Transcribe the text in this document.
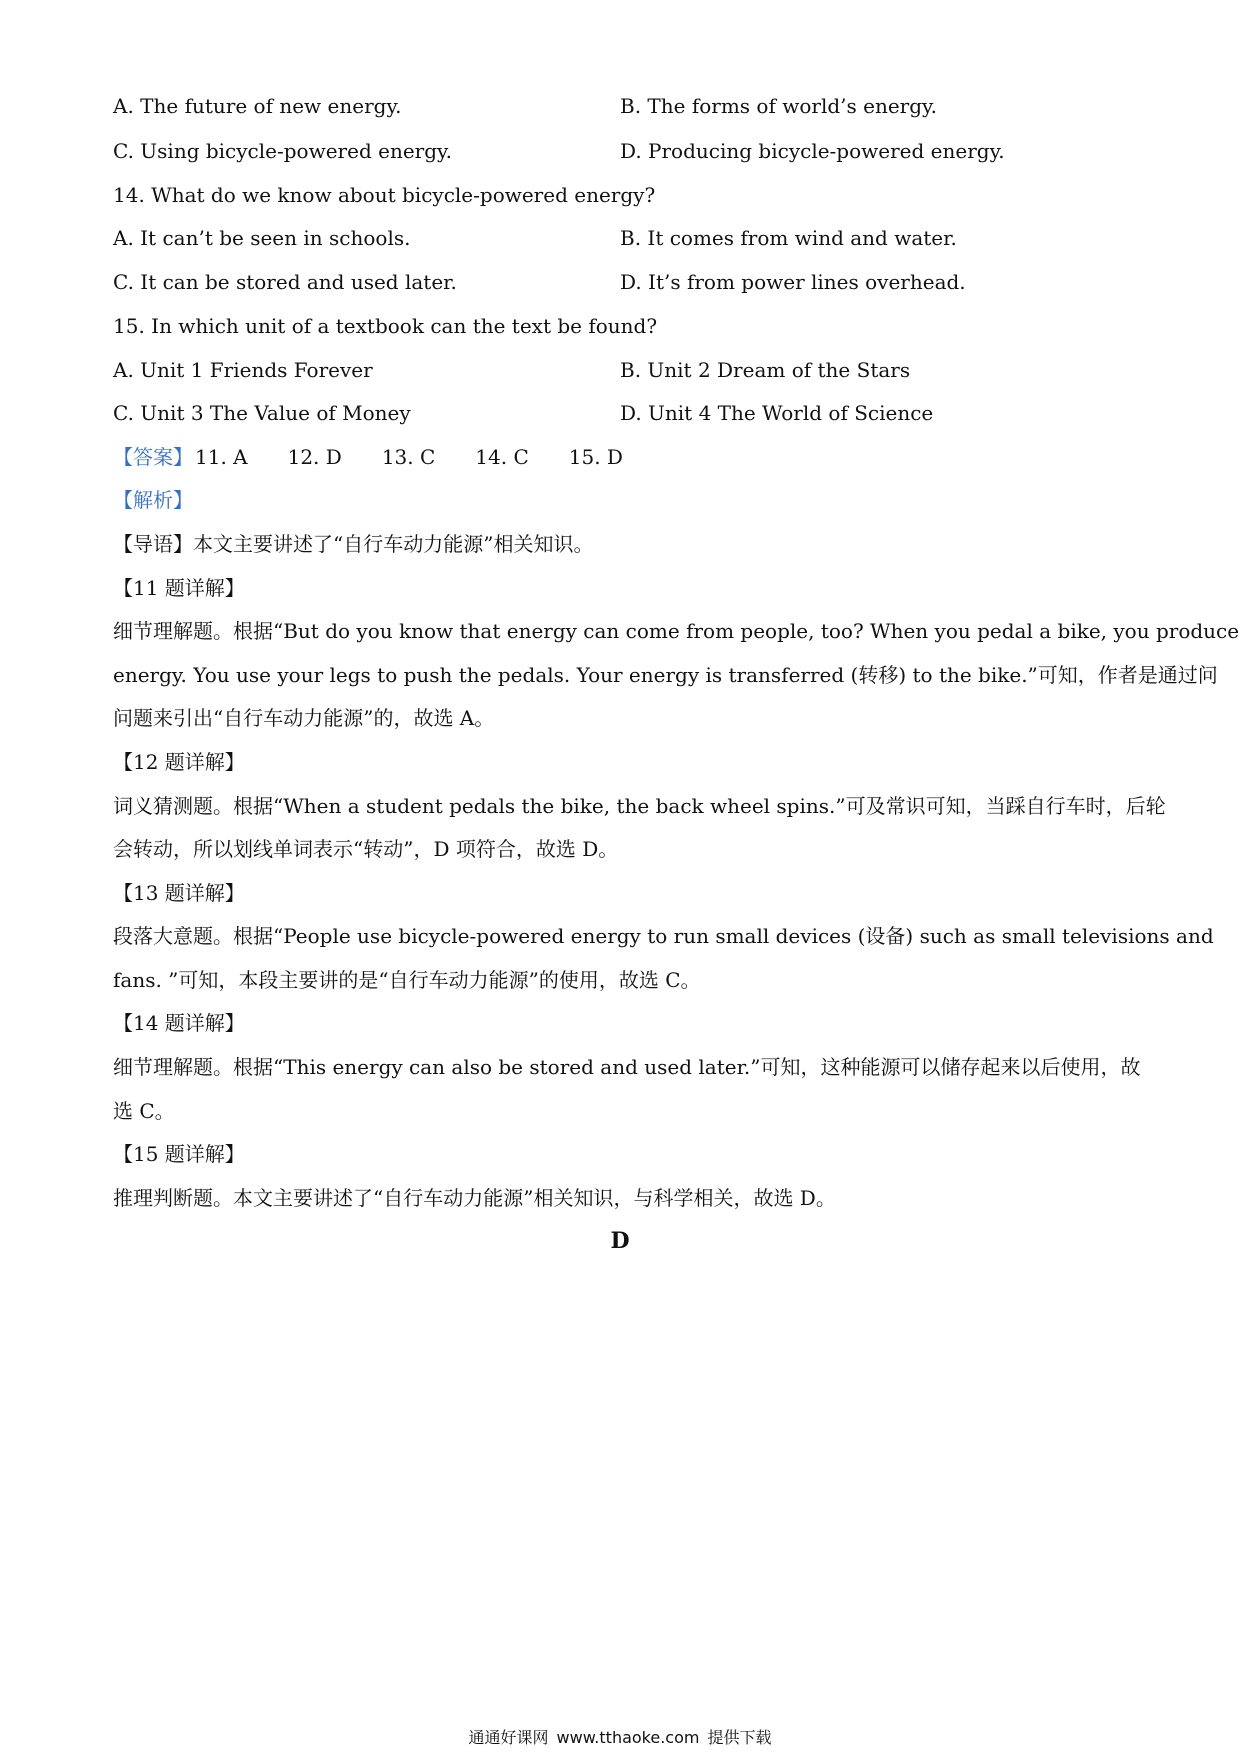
A. The future of new energy.	B. The forms of world’s energy.
C. Using bicycle-powered energy.	D. Producing bicycle-powered energy.
14. What do we know about bicycle-powered energy?
A. It can’t be seen in schools.	B. It comes from wind and water.
C. It can be stored and used later.	D. It’s from power lines overhead.
15. In which unit of a textbook can the text be found?
A. Unit 1 Friends Forever	B. Unit 2 Dream of the Stars
C. Unit 3 The Value of Money	D. Unit 4 The World of Science
【答案】 11. A 12. D 13. C 14. C 15. D
【解析】
【导语】本文主要讲述了“自行车动力能源”相关知识。
【11 题详解】
细节理解题。根据“But do you know that energy can come from people, too? When you pedal a bike, you produce
energy. You use your legs to push the pedals. Your energy is transferred (转移) to the bike.”可知，作者是通过问
问题来引出“自行车动力能源”的，故选 A。
【12 题详解】
词义猜测题。根据“When a student pedals the bike, the back wheel spins.”可及常识可知，当踩自行车时，后轮
会转动，所以划线单词表示“转动”，D 项符合，故选 D。
【13 题详解】
段落大意题。根据“People use bicycle-powered energy to run small devices (设备) such as small televisions and
fans. ”可知，本段主要讲的是“自行车动力能源”的使用，故选 C。
【14 题详解】
细节理解题。根据“This energy can also be stored and used later.”可知，这种能源可以储存起来以后使用，故
选 C。
【15 题详解】
推理判断题。本文主要讲述了“自行车动力能源”相关知识，与科学相关，故选 D。
D
通通好课网 www.tthaoke.com 提供下载
